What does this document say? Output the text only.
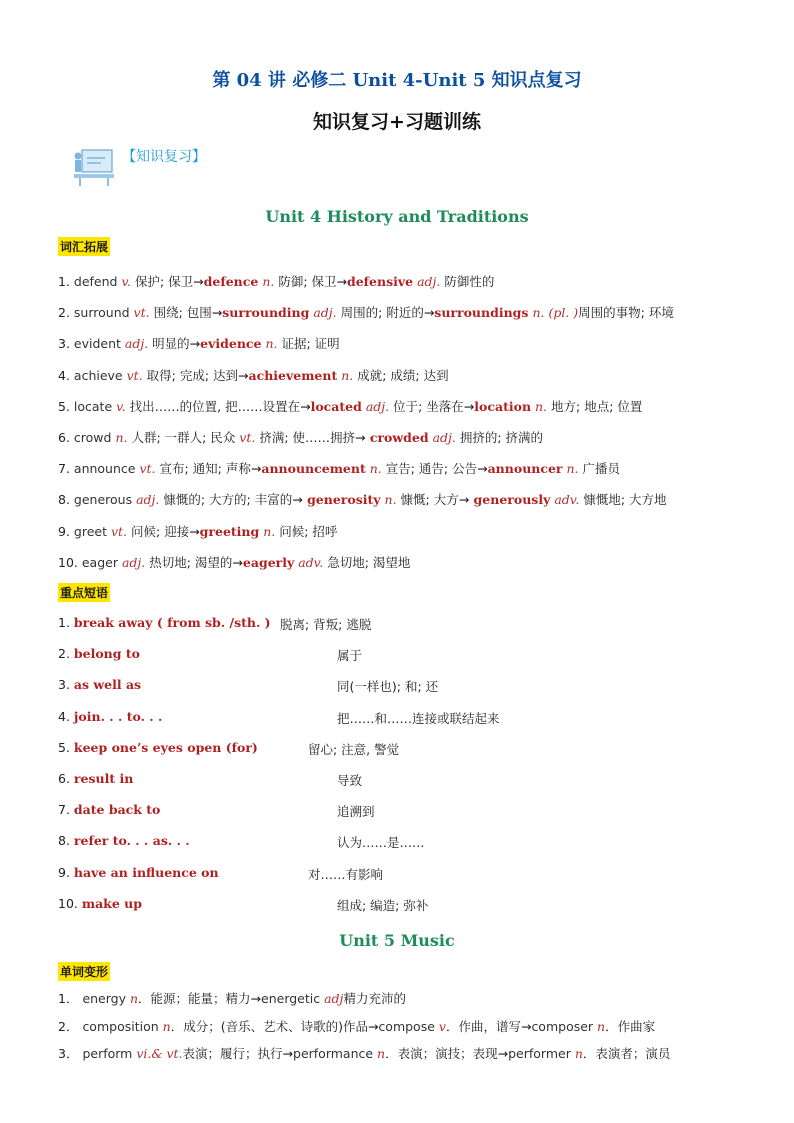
第 04 讲 必修二 Unit 4-Unit 5 知识点复习
知识复习+习题训练
【知识复习】
Unit 4 History and Traditions
词汇拓展
1. defend v. 保护; 保卫→defence n. 防御; 保卫→defensive adj. 防御性的
2. surround vt. 围绕; 包围→surrounding adj. 周围的; 附近的→surroundings n. (pl. )周围的事物; 环境
3. evident adj. 明显的→evidence n. 证据; 证明
4. achieve vt. 取得; 完成; 达到→achievement n. 成就; 成绩; 达到
5. locate v. 找出……的位置, 把……设置在→located adj. 位于; 坐落在→location n. 地方; 地点; 位置
6. crowd n. 人群; 一群人; 民众 vt. 挤满; 使……拥挤→ crowded adj. 拥挤的; 挤满的
7. announce vt. 宣布; 通知; 声称→announcement n. 宣告; 通告; 公告→announcer n. 广播员
8. generous adj. 慷慨的; 大方的; 丰富的→ generosity n. 慷慨; 大方→ generously adv. 慷慨地; 大方地
9. greet vt. 问候; 迎接→greeting n. 问候; 招呼
10. eager adj. 热切地; 渴望的→eagerly adv. 急切地; 渴望地
重点短语
1. break away ( from sb. /sth. ) 脱离; 背叛; 逃脱
2. belong to	属于
3. as well as	同(一样也); 和; 还
4. join. . . to. . .	把……和……连接或联结起来
5. keep one’s eyes open (for)	留心; 注意, 警觉
6. result in	导致
7. date back to	追溯到
8. refer to. . . as. . .	认为……是……
9. have an influence on	对……有影响
10. make up	组成; 编造; 弥补
Unit 5 Music
单词变形
1． energy n．能源；能量；精力→energetic adj精力充沛的
2． composition n．成分；(音乐、艺术、诗歌的)作品→compose v．作曲，谱写→composer n．作曲家
3． perform vi.& vt.表演；履行；执行→performance n．表演；演技；表现→performer n．表演者；演员
